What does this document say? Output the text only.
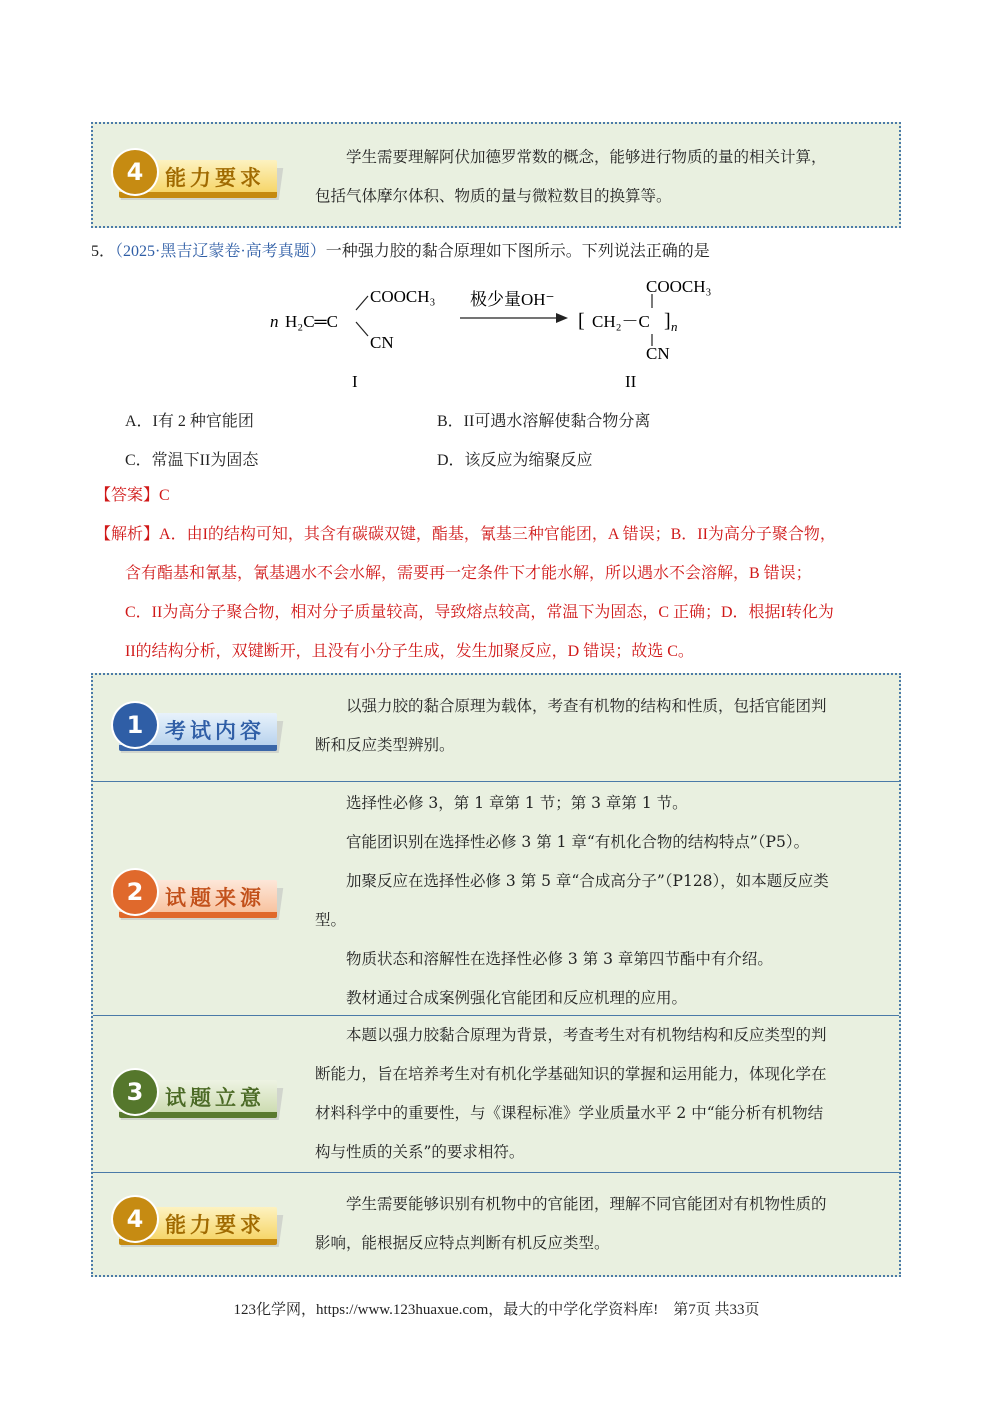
4	能力要求

学生需要理解阿伏加德罗常数的概念，能够进行物质的量的相关计算，

包括气体摩尔体积、物质的量与微粒数目的换算等。

5．（2025·黑吉辽蒙卷·高考真题）一种强力胶的黏合原理如下图所示。下列说法正确的是
n H₂C═C
COOCH₃
CN
I
极少量OH⁻
[ CH₂－C ] n
COOCH₃
CN
II
A．I有 2 种官能团	B．II可遇水溶解使黏合物分离
C．常温下II为固态	D．该反应为缩聚反应

【答案】C

【解析】A．由I的结构可知，其含有碳碳双键，酯基，氰基三种官能团，A 错误；B．II为高分子聚合物，

含有酯基和氰基，氰基遇水不会水解，需要再一定条件下才能水解，所以遇水不会溶解，B 错误；

C．II为高分子聚合物，相对分子质量较高，导致熔点较高，常温下为固态，C 正确；D．根据I转化为

II的结构分析，双键断开，且没有小分子生成，发生加聚反应，D 错误；故选 C。

1	考试内容

以强力胶的黏合原理为载体，考查有机物的结构和性质，包括官能团判

断和反应类型辨别。

2	试题来源

选择性必修 3，第 1 章第 1 节；第 3 章第 1 节。

官能团识别在选择性必修 3 第 1 章“有机化合物的结构特点”（P5）。

加聚反应在选择性必修 3 第 5 章“合成高分子”（P128），如本题反应类

型。

物质状态和溶解性在选择性必修 3 第 3 章第四节酯中有介绍。

教材通过合成案例强化官能团和反应机理的应用。

3	试题立意

本题以强力胶黏合原理为背景，考查考生对有机物结构和反应类型的判

断能力，旨在培养考生对有机化学基础知识的掌握和运用能力，体现化学在

材料科学中的重要性，与《课程标准》学业质量水平 2 中“能分析有机物结

构与性质的关系”的要求相符。

4	能力要求

学生需要能够识别有机物中的官能团，理解不同官能团对有机物性质的

影响，能根据反应特点判断有机反应类型。

123化学网，https://www.123huaxue.com，最大的中学化学资料库! 第7页 共33页
